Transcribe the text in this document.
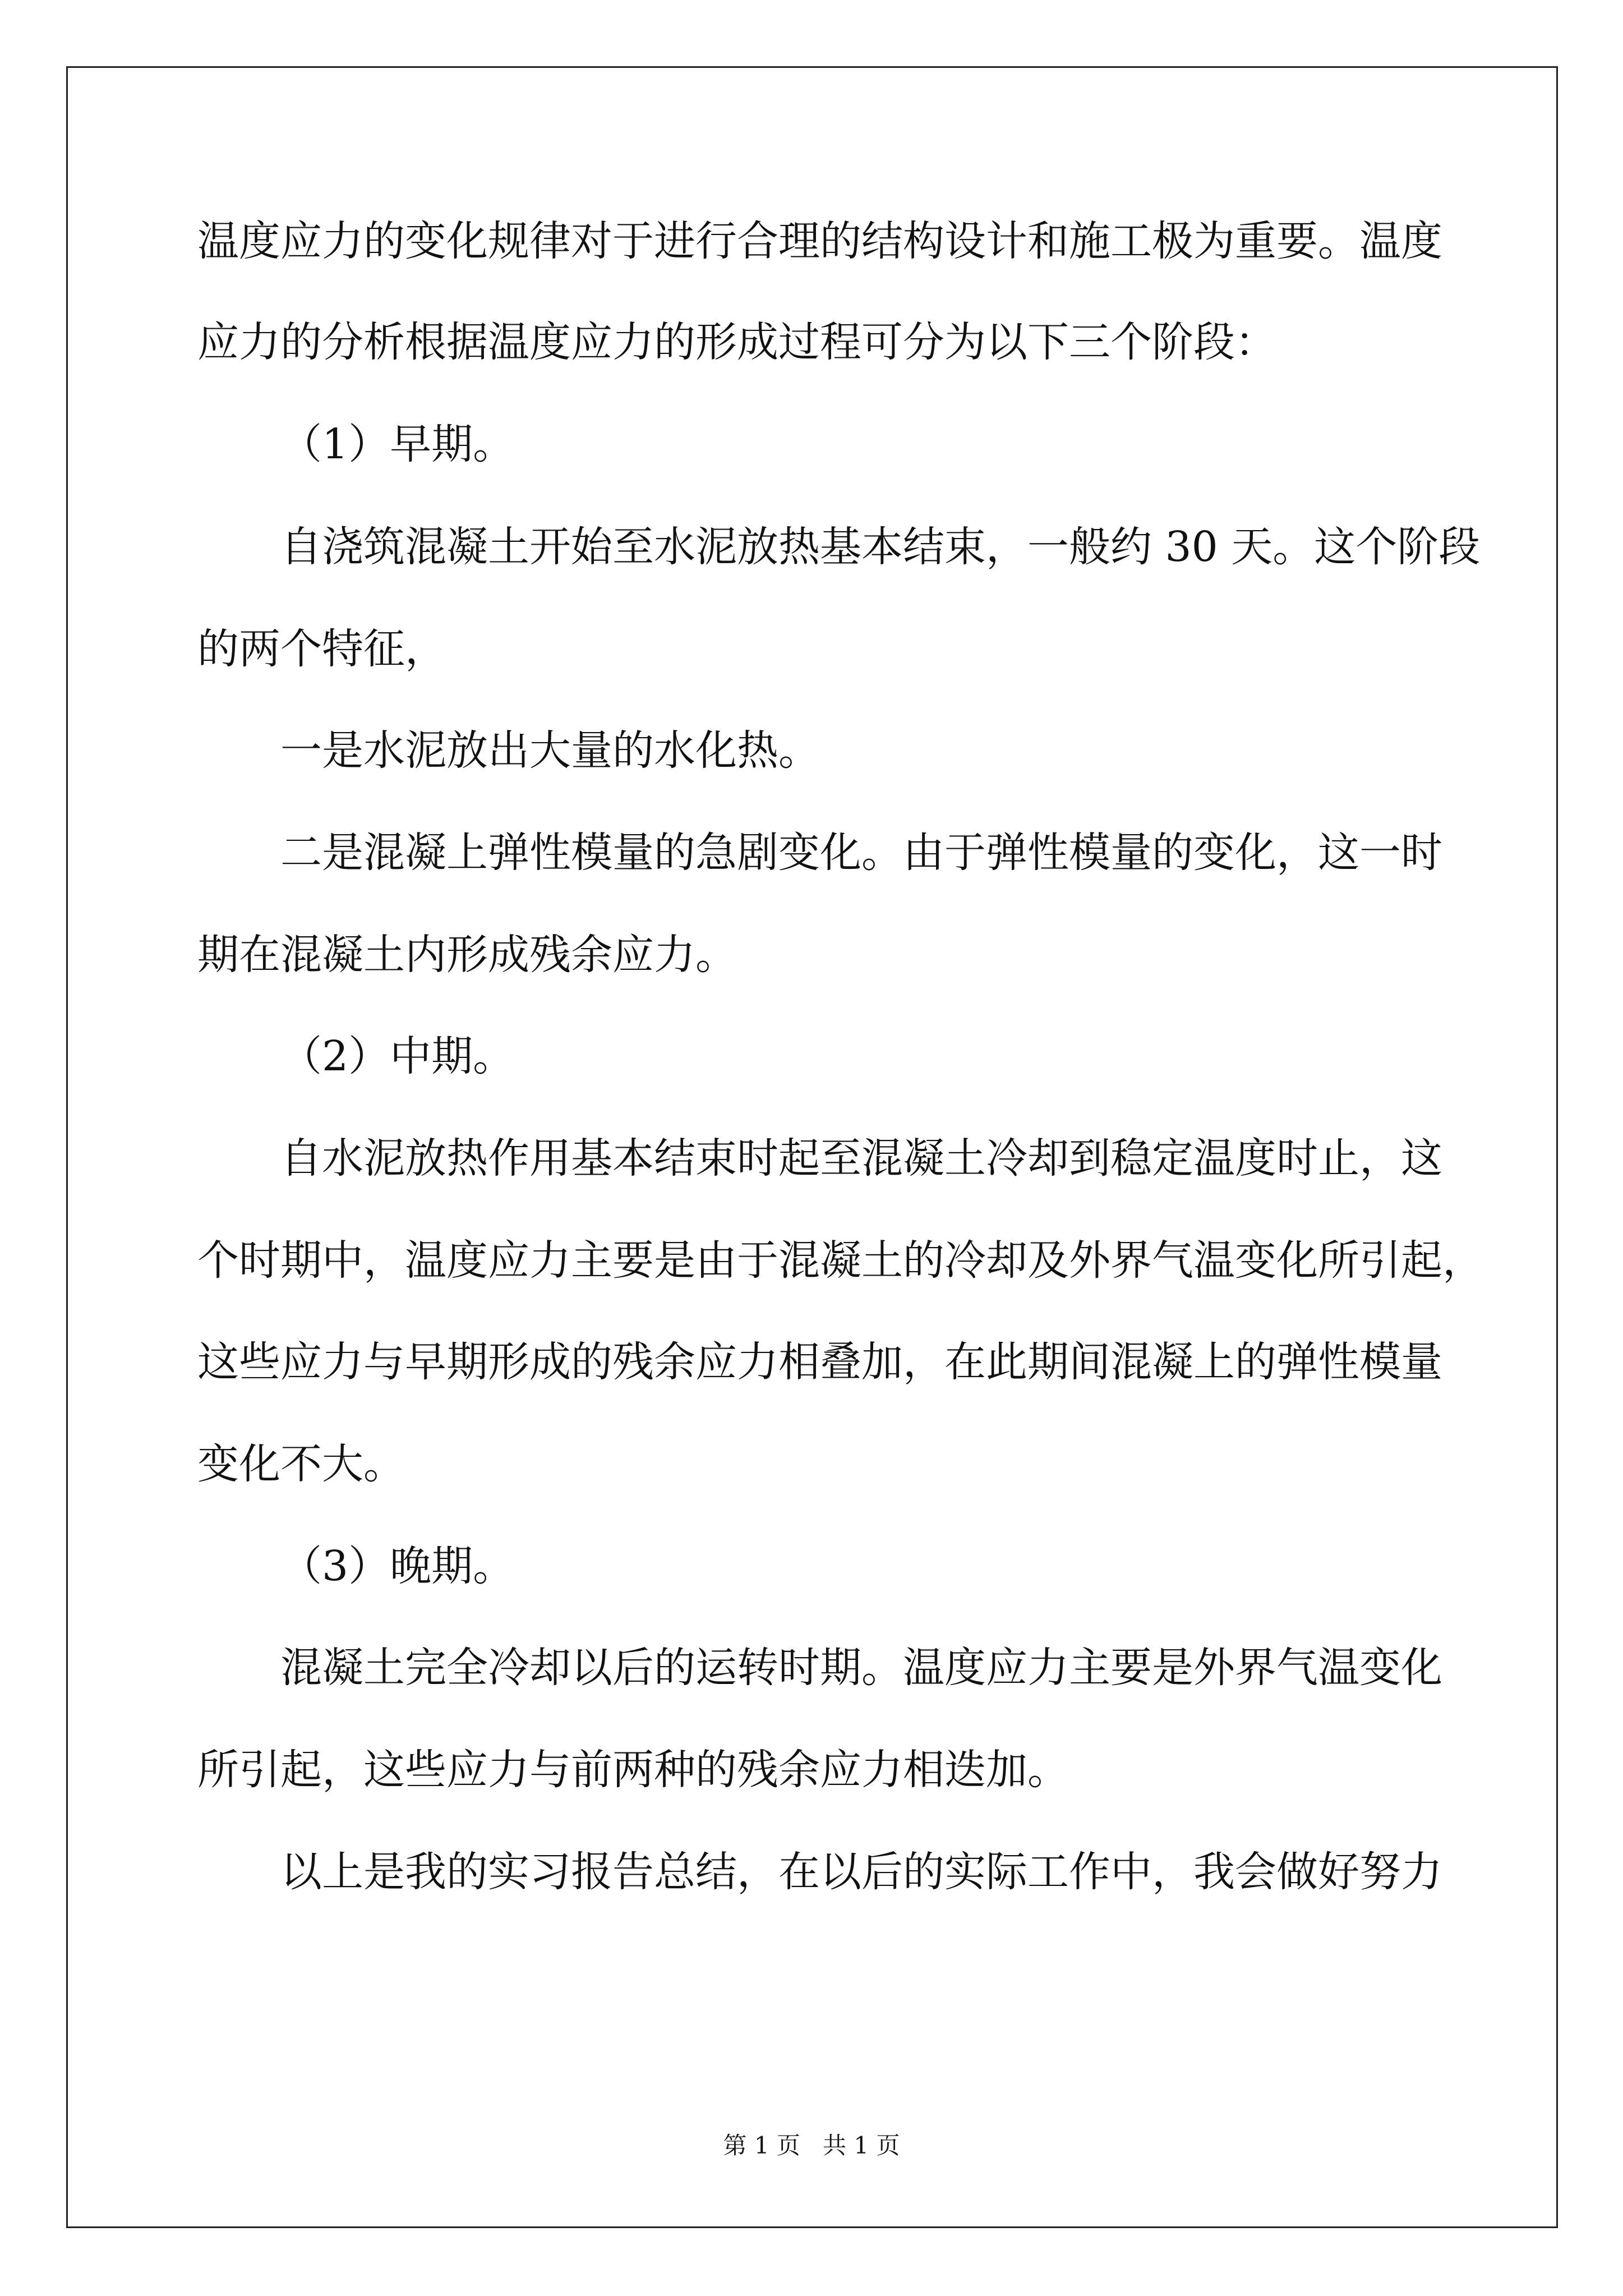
温度应力的变化规律对于进行合理的结构设计和施工极为重要。温度
应力的分析根据温度应力的形成过程可分为以下三个阶段：
（1）早期。
自浇筑混凝土开始至水泥放热基本结束，一般约 30 天。这个阶段
的两个特征，
一是水泥放出大量的水化热。
二是混凝上弹性模量的急剧变化。由于弹性模量的变化，这一时
期在混凝土内形成残余应力。
（2）中期。
自水泥放热作用基本结束时起至混凝土冷却到稳定温度时止，这
个时期中，温度应力主要是由于混凝土的冷却及外界气温变化所引起，
这些应力与早期形成的残余应力相叠加，在此期间混凝上的弹性模量
变化不大。
（3）晚期。
混凝土完全冷却以后的运转时期。温度应力主要是外界气温变化
所引起，这些应力与前两种的残余应力相迭加。
以上是我的实习报告总结，在以后的实际工作中，我会做好努力
第 1 页   共 1 页
